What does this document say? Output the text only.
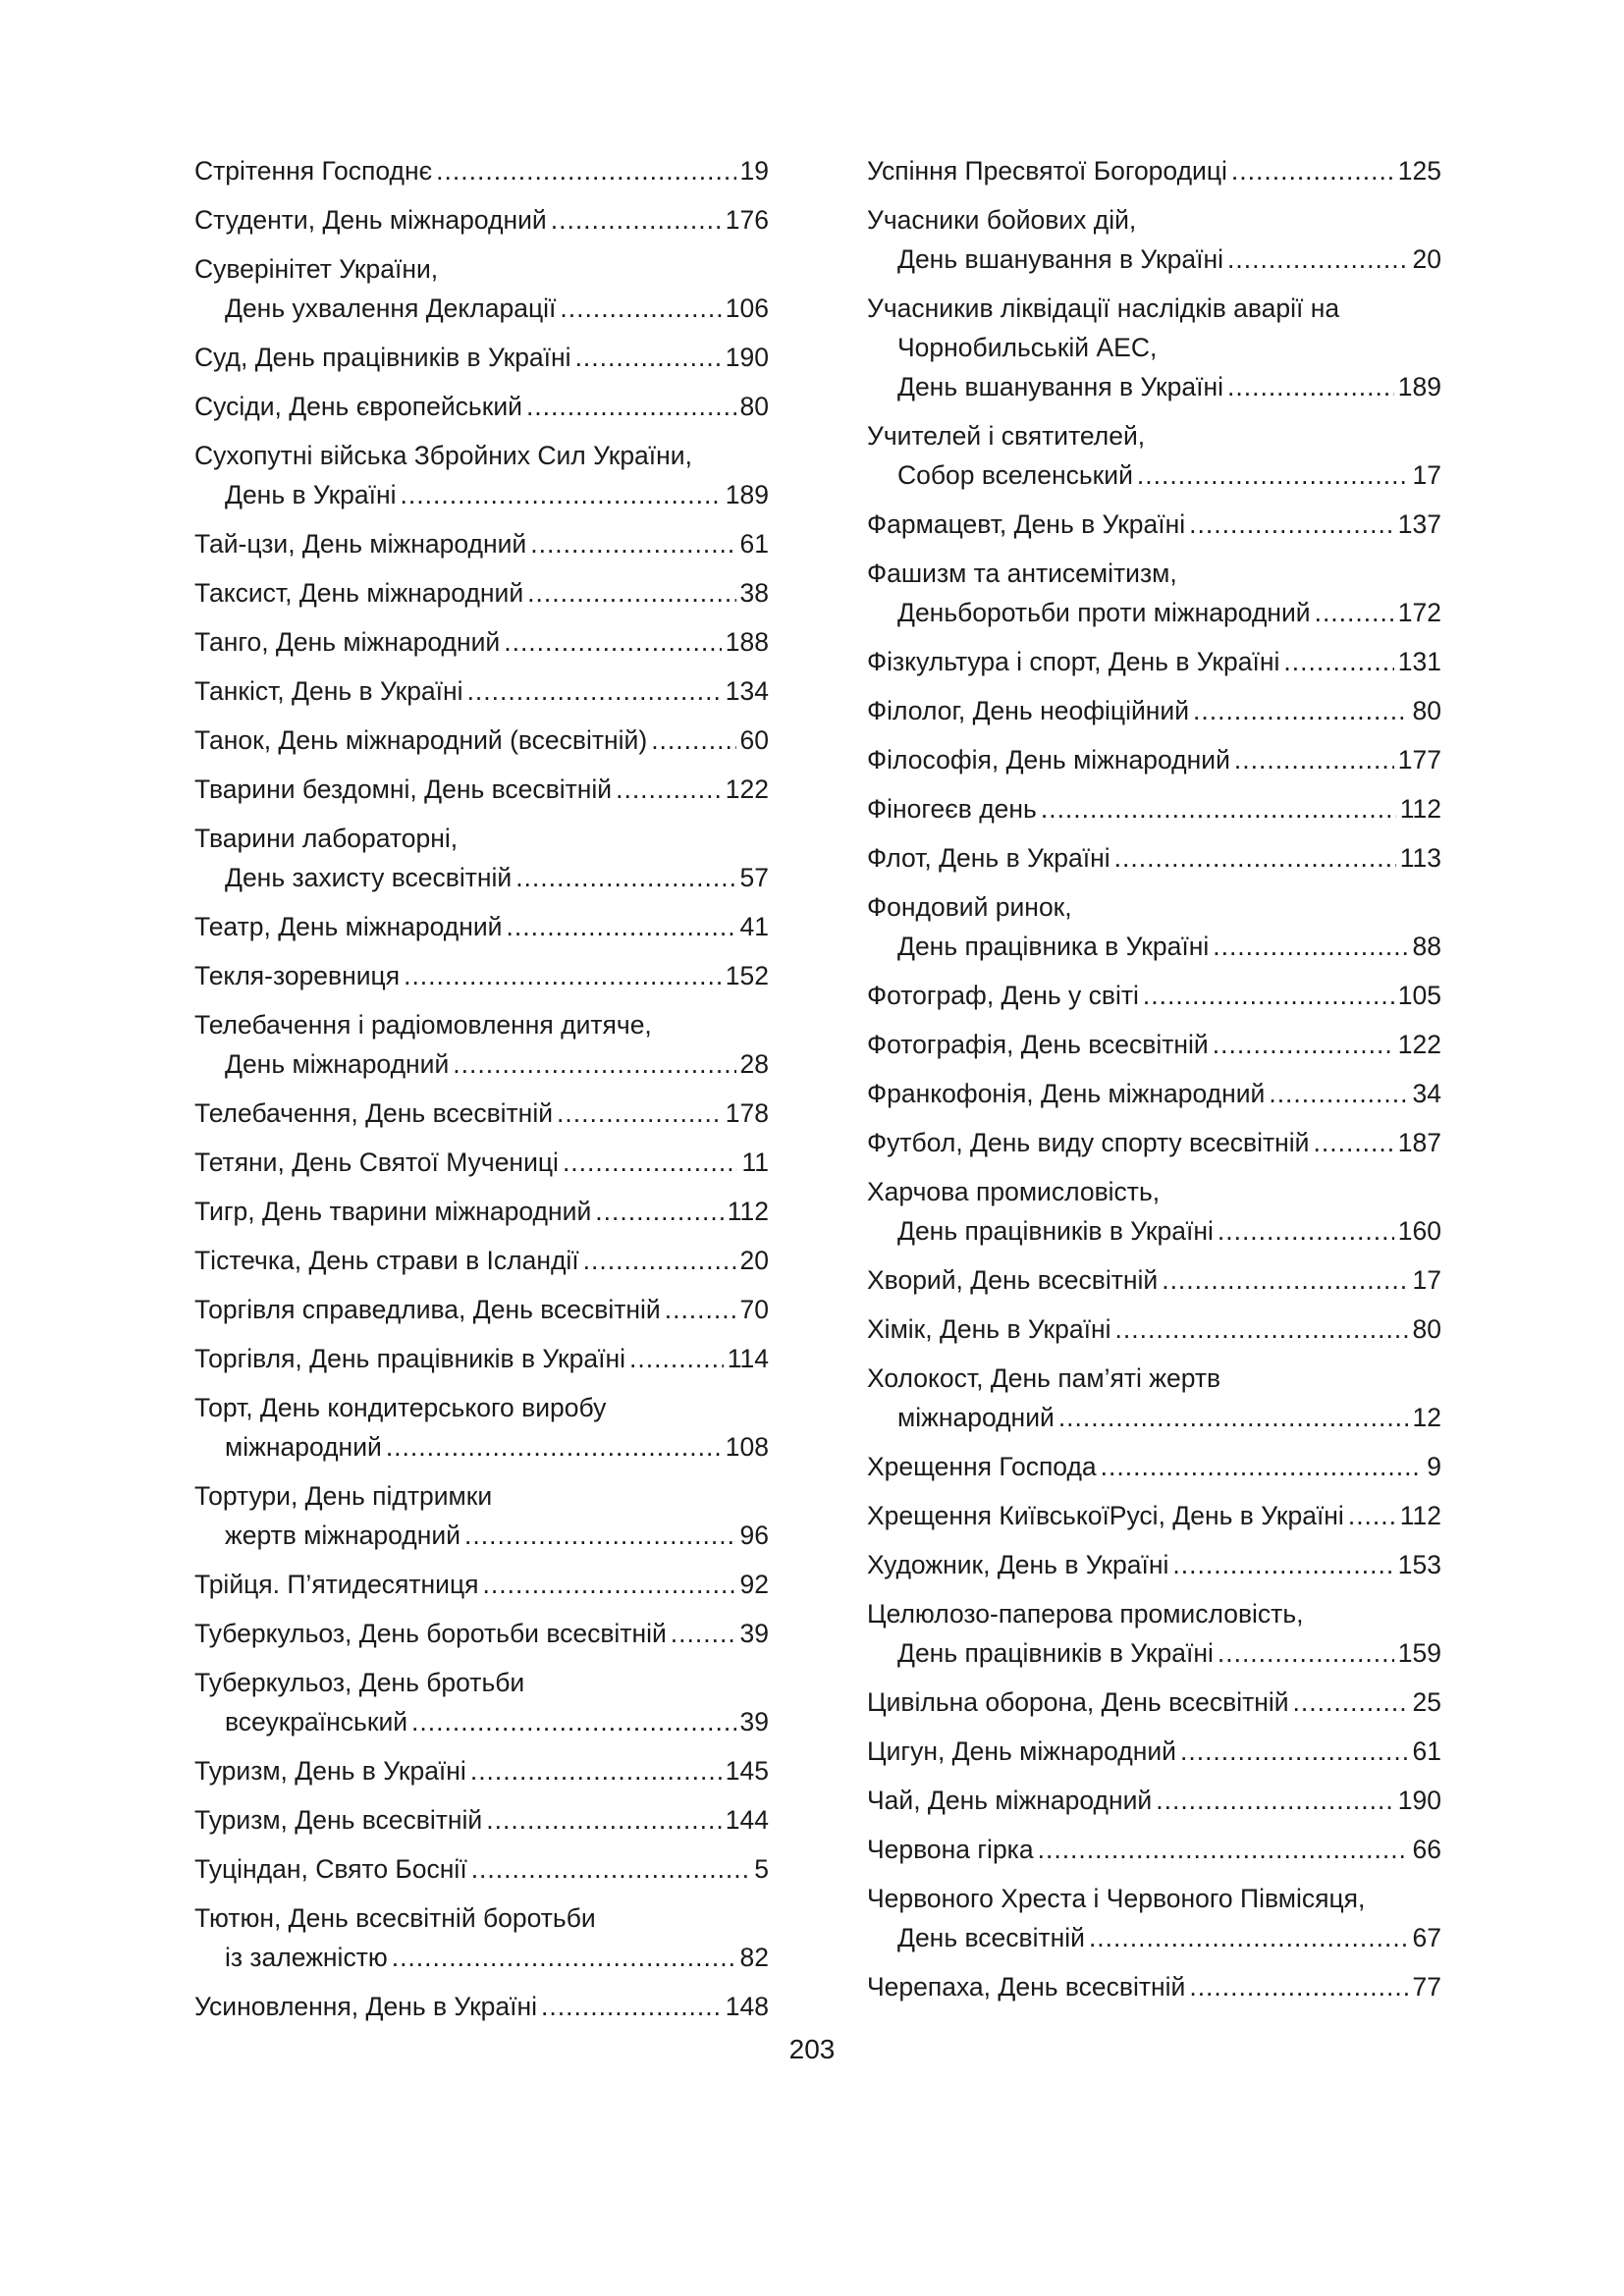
Стрітення Господнє .....	19
Студенти, День міжнародний .....	176
Суверінітет України,
День ухвалення Декларації .....	106
Суд, День працівників в Україні .....	190
Сусіди, День європейський .....	80
Сухопутні війська Збройних Сил України,
День в Україні .....	189
Тай-цзи, День міжнародний .....	61
Таксист, День міжнародний .....	38
Танго, День міжнародний .....	188
Танкіст, День в Україні .....	134
Танок, День міжнародний (всесвітній) .....	60
Тварини бездомні, День всесвітній .....	122
Тварини лабораторні,
День захисту всесвітній .....	57
Театр, День міжнародний .....	41
Текля-зоревниця .....	152
Телебачення і радіомовлення дитяче,
День міжнародний .....	28
Телебачення, День всесвітній .....	178
Тетяни, День Святої Мучениці .....	11
Тигр, День тварини міжнародний .....	112
Тістечка, День страви в Ісландії .....	20
Торгівля справедлива, День всесвітній .....	70
Торгівля, День працівників в Україні .....	114
Торт, День кондитерського виробу
міжнародний .....	108
Тортури, День підтримки
жертв міжнародний .....	96
Трійця. П’ятидесятниця .....	92
Туберкульоз, День боротьби всесвітній .....	39
Туберкульоз, День бротьби
всеукраїнський .....	39
Туризм, День в Україні .....	145
Туризм, День всесвітній .....	144
Туціндан, Свято Боснії .....	5
Тютюн, День всесвітній боротьби
із залежністю .....	82
Усиновлення, День в Україні .....	148
Успіння Пресвятої Богородиці .....	125
Учасники бойових дій,
День вшанування в Україні .....	20
Учасникив ліквідації наслідків аварії на
Чорнобильській АЕС,
День вшанування в Україні .....	189
Учителей і святителей,
Собор вселенський .....	17
Фармацевт, День в Україні .....	137
Фашизм та антисемітизм,
Деньборотьби проти міжнародний .....	172
Фізкультура і спорт, День в Україні .....	131
Філолог, День неофіційний .....	80
Філософія, День міжнародний .....	177
Фіногеєв день .....	112
Флот, День в Україні .....	113
Фондовий ринок,
День працівника в Україні .....	88
Фотограф, День у світі .....	105
Фотографія, День всесвітній .....	122
Франкофонія, День міжнародний .....	34
Футбол, День виду спорту всесвітній .....	187
Харчова промисловість,
День працівників в Україні .....	160
Хворий, День всесвітній .....	17
Хімік, День в Україні .....	80
Холокост, День пам’яті жертв
міжнародний .....	12
Хрещення Господа .....	9
Хрещення КиївськоїРусі, День в Україні ..... 112
Художник, День в Україні .....	153
Целюлозо-паперова промисловість,
День працівників в Україні .....	159
Цивільна оборона, День всесвітній .....	25
Цигун, День міжнародний .....	61
Чай, День міжнародний .....	190
Червона гірка .....	66
Червоного Хреста і Червоного Півмісяця,
День всесвітній .....	67
Черепаха, День всесвітній .....	77
203
